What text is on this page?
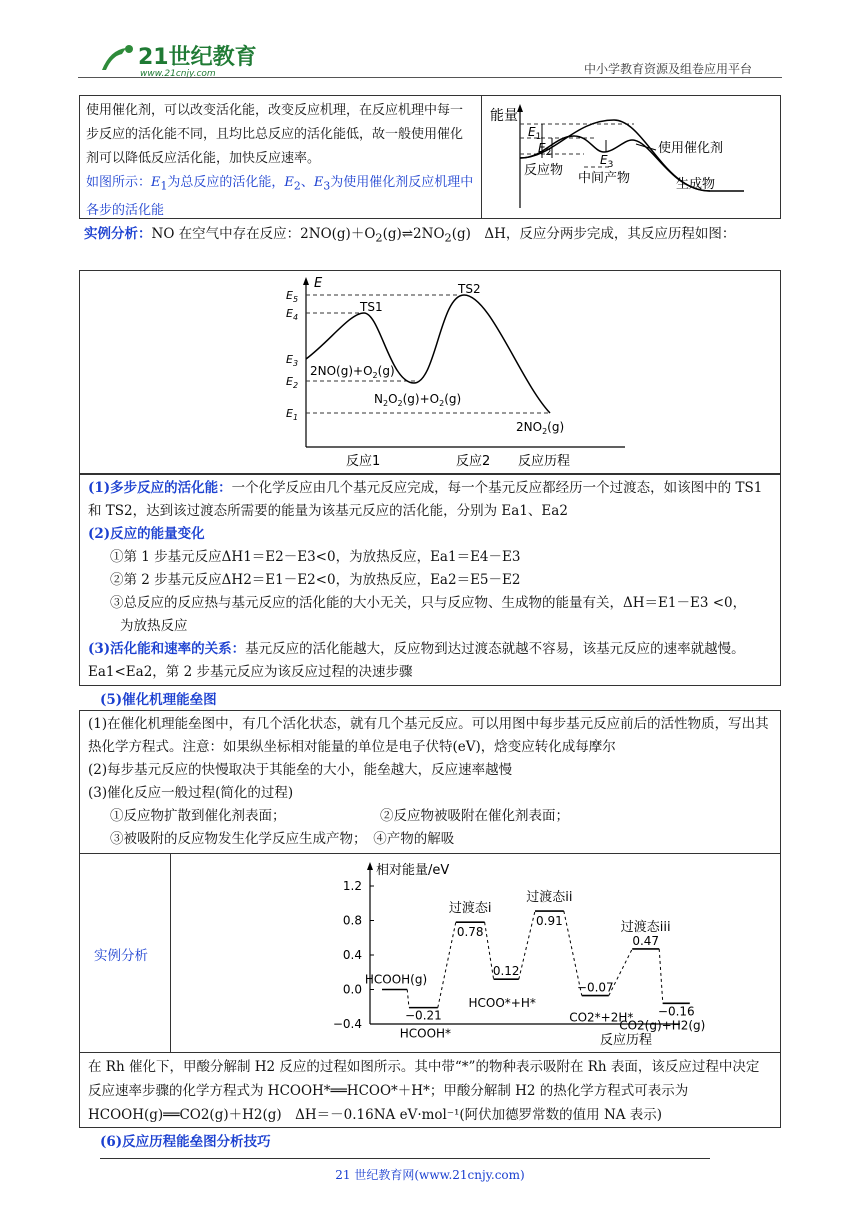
21世纪教育
www.21cnjy.com	中小学教育资源及组卷应用平台

使用催化剂，可以改变活化能，改变反应机理，在反应机理中每一步反应的活化能不同，且均比总反应的活化能低，故一般使用催化剂可以降低反应活化能，加快反应速率。

如图所示：$E_1$为总反应的活化能，$E_2$、$E_3$为使用催化剂反应机理中各步的活化能

能量
$E_1$
$E_2$	$E_3$
使用催化剂
反应物
中间产物	生成物
实例分析：NO 在空气中存在反应：$2NO(g)+O_2(g)\rightleftharpoons 2NO_2(g)$　ΔH，反应分两步完成，其反应历程如图：
E
$E_5$
$E_4$
$E_3$
$E_2$
$E_1$
TS1
TS2
$2NO(g)+O_2(g)$
$N_2O_2(g)+O_2(g)$
$2NO_2(g)$
反应1	反应2 反应历程

(1)多步反应的活化能：一个化学反应由几个基元反应完成，每一个基元反应都经历一个过渡态，如该图中的 TS1 和 TS2，达到该过渡态所需要的能量为该基元反应的活化能，分别为 Ea1、Ea2

(2)反应的能量变化

①第 1 步基元反应ΔH1＝E2－E3<0，为放热反应，Ea1＝E4－E3

②第 2 步基元反应ΔH2＝E1－E2<0，为放热反应，Ea2＝E5－E2

③总反应的反应热与基元反应的活化能的大小无关，只与反应物、生成物的能量有关，ΔH＝E1－E3 <0，

为放热反应

(3)活化能和速率的关系：基元反应的活化能越大，反应物到达过渡态就越不容易，该基元反应的速率就越慢。Ea1<Ea2，第 2 步基元反应为该反应过程的决速步骤

(5)催化机理能垒图

(1)在催化机理能垒图中，有几个活化状态，就有几个基元反应。可以用图中每步基元反应前后的活性物质，写出其热化学方程式。注意：如果纵坐标相对能量的单位是电子伏特(eV)，焓变应转化成每摩尔

(2)每步基元反应的快慢取决于其能垒的大小，能垒越大，反应速率越慢

(3)催化反应一般过程(简化的过程)

①反应物扩散到催化剂表面；	②反应物被吸附在催化剂表面；

③被吸附的反应物发生化学反应生成产物；　④产物的解吸

实例分析
相对能量/eV
反应历程
1.2
0.8
0.4
0.0
−0.4
0.78
0.91
0.47
0.12
−0.07
−0.21	−0.16
过渡态i
过渡态ii
过渡态iii
HCOOH(g)
HCOOH*
HCOO*+H*
CO2*+2H*
CO2(g)+H2(g)

在 Rh 催化下，甲酸分解制 H2 反应的过程如图所示。其中带“*”的物种表示吸附在 Rh 表面，该反应过程中决定反应速率步骤的化学方程式为 HCOOH*══HCOO*＋H*；甲酸分解制 H2 的热化学方程式可表示为 HCOOH(g)══CO2(g)＋H2(g)　ΔH＝－0.16NA eV·mol⁻¹(阿伏加德罗常数的值用 NA 表示)

(6)反应历程能垒图分析技巧
21 世纪教育网(www.21cnjy.com)
